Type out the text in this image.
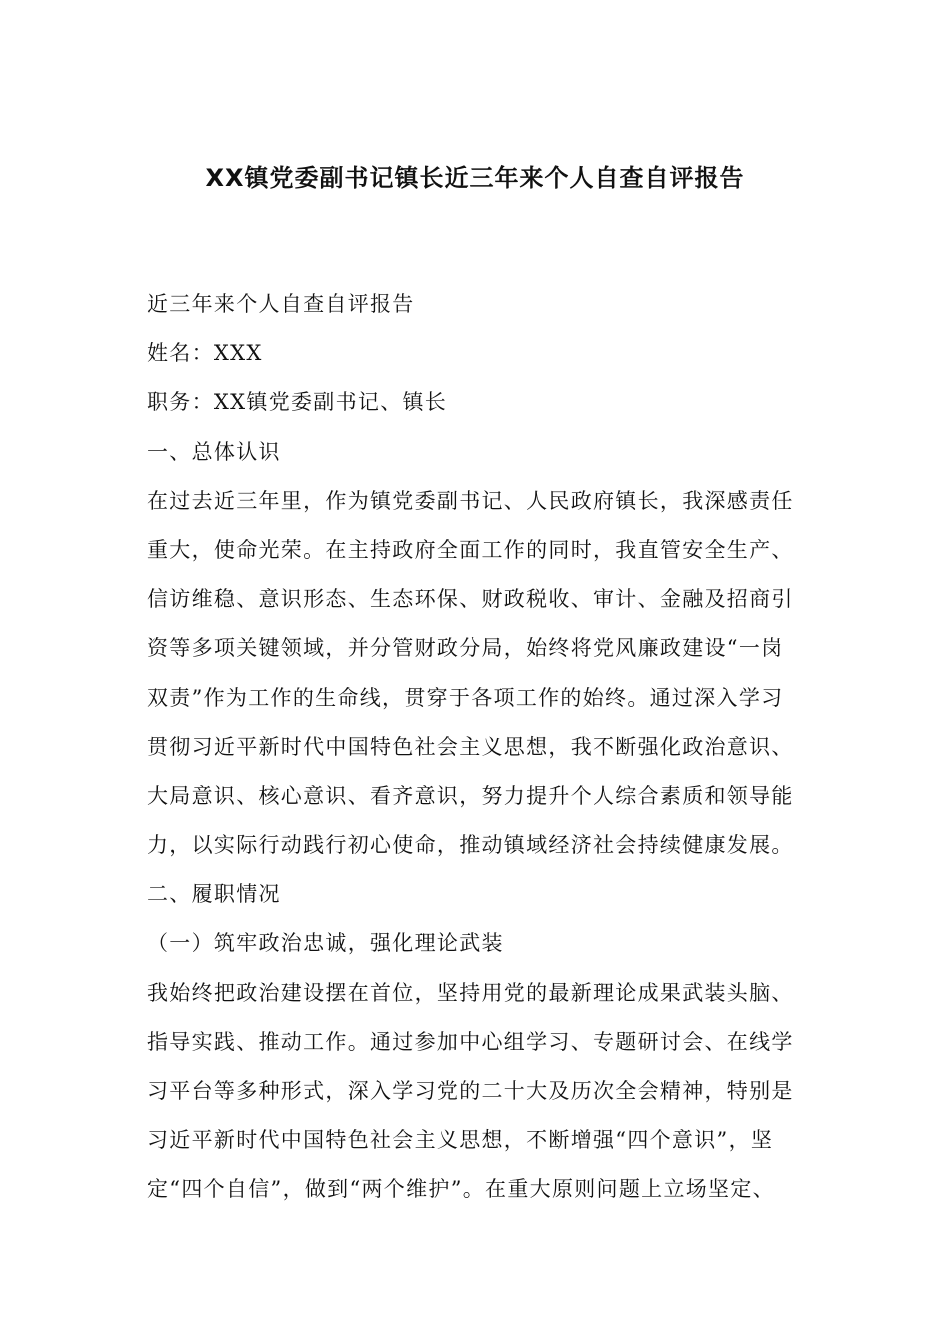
XX镇党委副书记镇长近三年来个人自查自评报告
近三年来个人自查自评报告
姓名：XXX
职务：XX镇党委副书记、镇长
一、总体认识
在过去近三年里，作为镇党委副书记、人民政府镇长，我深感责任
重大，使命光荣。在主持政府全面工作的同时，我直管安全生产、
信访维稳、意识形态、生态环保、财政税收、审计、金融及招商引
资等多项关键领域，并分管财政分局，始终将党风廉政建设“一岗
双责”作为工作的生命线，贯穿于各项工作的始终。通过深入学习
贯彻习近平新时代中国特色社会主义思想，我不断强化政治意识、
大局意识、核心意识、看齐意识，努力提升个人综合素质和领导能
力，以实际行动践行初心使命，推动镇域经济社会持续健康发展。
二、履职情况
（一）筑牢政治忠诚，强化理论武装
我始终把政治建设摆在首位，坚持用党的最新理论成果武装头脑、
指导实践、推动工作。通过参加中心组学习、专题研讨会、在线学
习平台等多种形式，深入学习党的二十大及历次全会精神，特别是
习近平新时代中国特色社会主义思想，不断增强“四个意识”，坚
定“四个自信”，做到“两个维护”。在重大原则问题上立场坚定、
